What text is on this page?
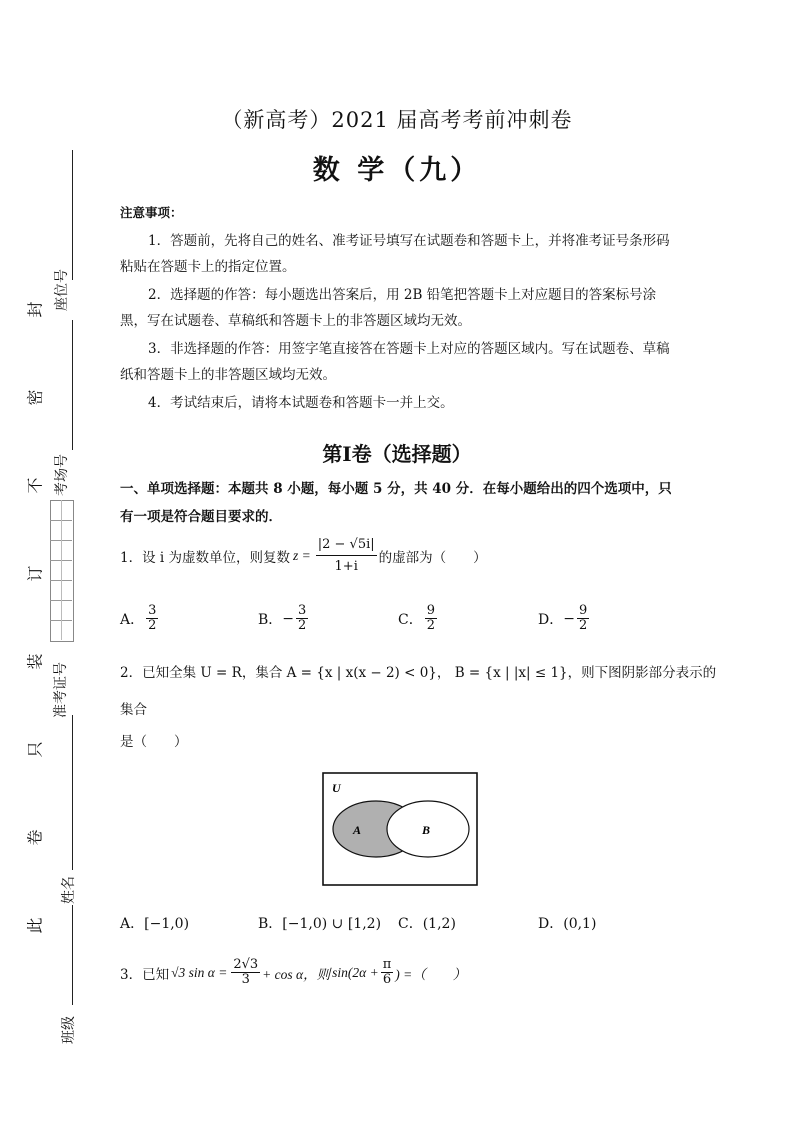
座位号
考场号
准考证号
姓名
班级
封
密
不
订
装
只
卷
此
（新高考）2021 届高考考前冲刺卷
数 学（九）
注意事项：
1．答题前，先将自己的姓名、准考证号填写在试题卷和答题卡上，并将准考证号条形码粘贴在答题卡上的指定位置。
2．选择题的作答：每小题选出答案后，用 2B 铅笔把答题卡上对应题目的答案标号涂黑，写在试题卷、草稿纸和答题卡上的非答题区域均无效。
3．非选择题的作答：用签字笔直接答在答题卡上对应的答题区域内。写在试题卷、草稿纸和答题卡上的非答题区域均无效。
4．考试结束后，请将本试题卷和答题卡一并上交。
第Ⅰ卷（选择题）
一、单项选择题：本题共 8 小题，每小题 5 分，共 40 分．在每小题给出的四个选项中，只有一项是符合题目要求的．
1．设 i 为虚数单位，则复数 $z = \frac{|2 - √5i|}{1+i}$ 的虚部为（　　）
A． $\frac{3}{2}$	B． − $\frac{3}{2}$	C． $\frac{9}{2}$	D． − $\frac{9}{2}$
2．已知全集 U = R，集合 A = {x | x(x − 2) < 0}， B = {x | |x| ≤ 1}，则下图阴影部分表示的
集合
是（　　）
U
A	B
A．[−1,0)	B．[−1,0) ∪ [1,2) C．(1,2)	D．(0,1)
3．已知 √3 $\sin \alpha = \frac{2√3}{3} + \cos \alpha$，则 $\sin(2\alpha + \frac{\pi}{6}$ ) =（　　）
